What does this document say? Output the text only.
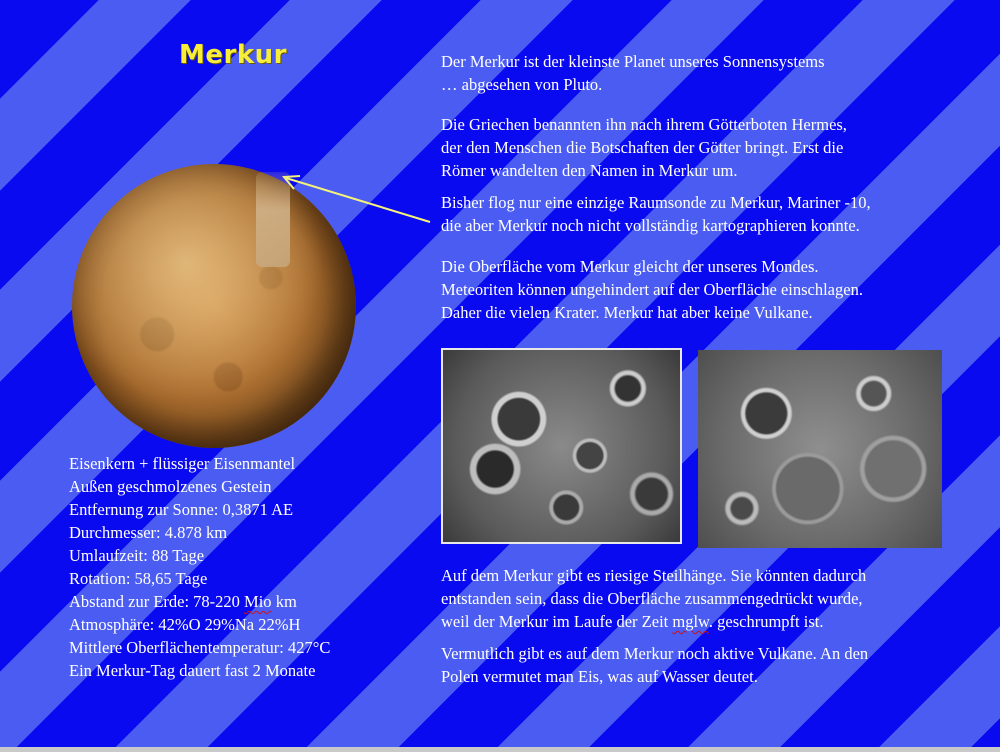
Merkur	Der Merkur ist der kleinste Planet unseres Sonnensystems
… abgesehen von Pluto.

Die Griechen benannten ihn nach ihrem Götterboten Hermes,
der den Menschen die Botschaften der Götter bringt. Erst die
Römer wandelten den Namen in Merkur um.

Bisher flog nur eine einzige Raumsonde zu Merkur, Mariner -10,
die aber Merkur noch nicht vollständig kartographieren konnte.

Die Oberfläche vom Merkur gleicht der unseres Mondes.
Meteoriten können ungehindert auf der Oberfläche einschlagen.
Daher die vielen Krater. Merkur hat aber keine Vulkane.

Eisenkern + flüssiger Eisenmantel
Außen geschmolzenes Gestein
Entfernung zur Sonne: 0,3871 AE
Durchmesser: 4.878 km
Umlaufzeit: 88 Tage
Rotation: 58,65 Tage
Abstand zur Erde: 78-220 Mio km
Atmosphäre: 42%O 29%Na 22%H
Mittlere Oberflächentemperatur: 427°C
Ein Merkur-Tag dauert fast 2 Monate

Auf dem Merkur gibt es riesige Steilhänge. Sie könnten dadurch
entstanden sein, dass die Oberfläche zusammengedrückt wurde,
weil der Merkur im Laufe der Zeit mglw. geschrumpft ist.

Vermutlich gibt es auf dem Merkur noch aktive Vulkane. An den
Polen vermutet man Eis, was auf Wasser deutet.
